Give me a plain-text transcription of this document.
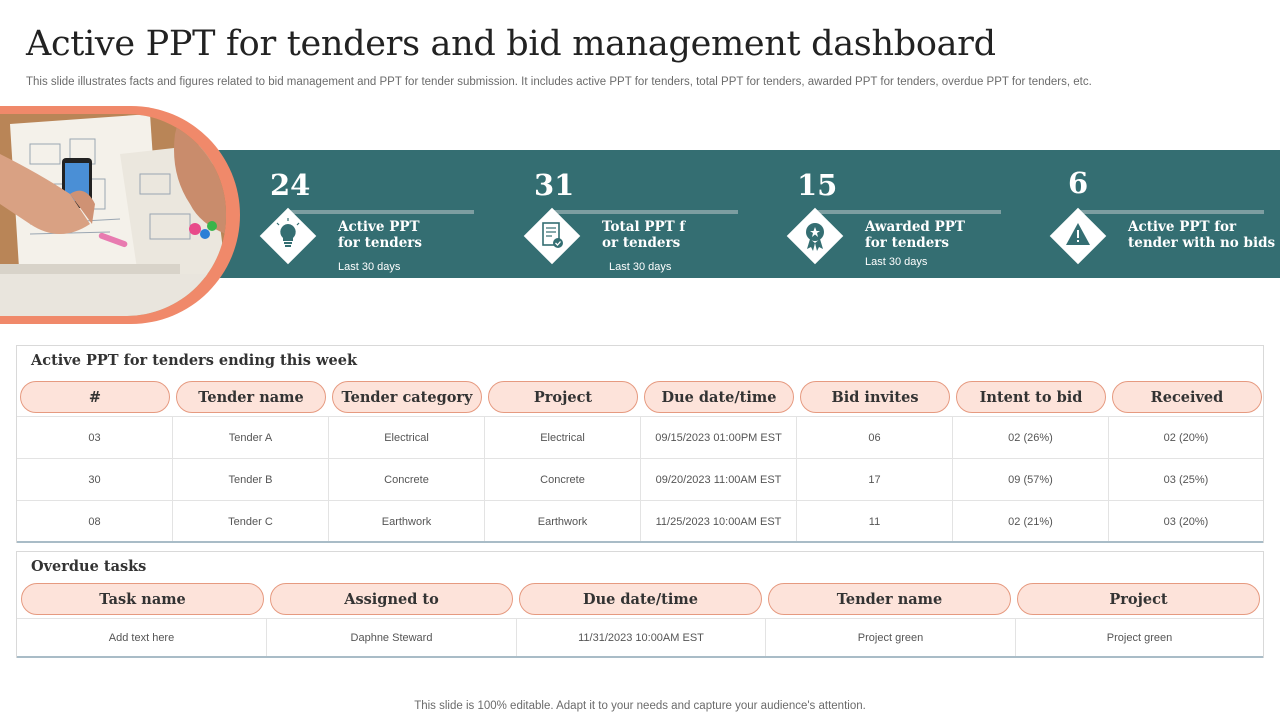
Active PPT for tenders and bid management dashboard
This slide illustrates facts and figures related to bid management and PPT for tender submission. It includes active PPT for tenders, total PPT for tenders, awarded PPT for tenders, overdue PPT for tenders, etc.
24
Active PPT
for tenders
Last 30 days
31
Total PPT f
or tenders
Last 30 days
15
Awarded PPT
for tenders
Last 30 days
6
Active PPT for
tender with no bids
Active PPT for tenders ending this week
#	Tender name	Tender category	Project	Due date/time	Bid invites	Intent to bid	Received
03	Tender A	Electrical	Electrical	09/15/2023 01:00PM EST	06	02 (26%)	02 (20%)
30	Tender B	Concrete	Concrete	09/20/2023 11:00AM EST	17	09 (57%)	03 (25%)
08	Tender C	Earthwork	Earthwork	11/25/2023 10:00AM EST	11	02 (21%)	03 (20%)
Overdue tasks
Task name	Assigned to	Due date/time	Tender name	Project
Add text here	Daphne Steward	11/31/2023 10:00AM EST	Project green	Project green
This slide is 100% editable. Adapt it to your needs and capture your audience's attention.
